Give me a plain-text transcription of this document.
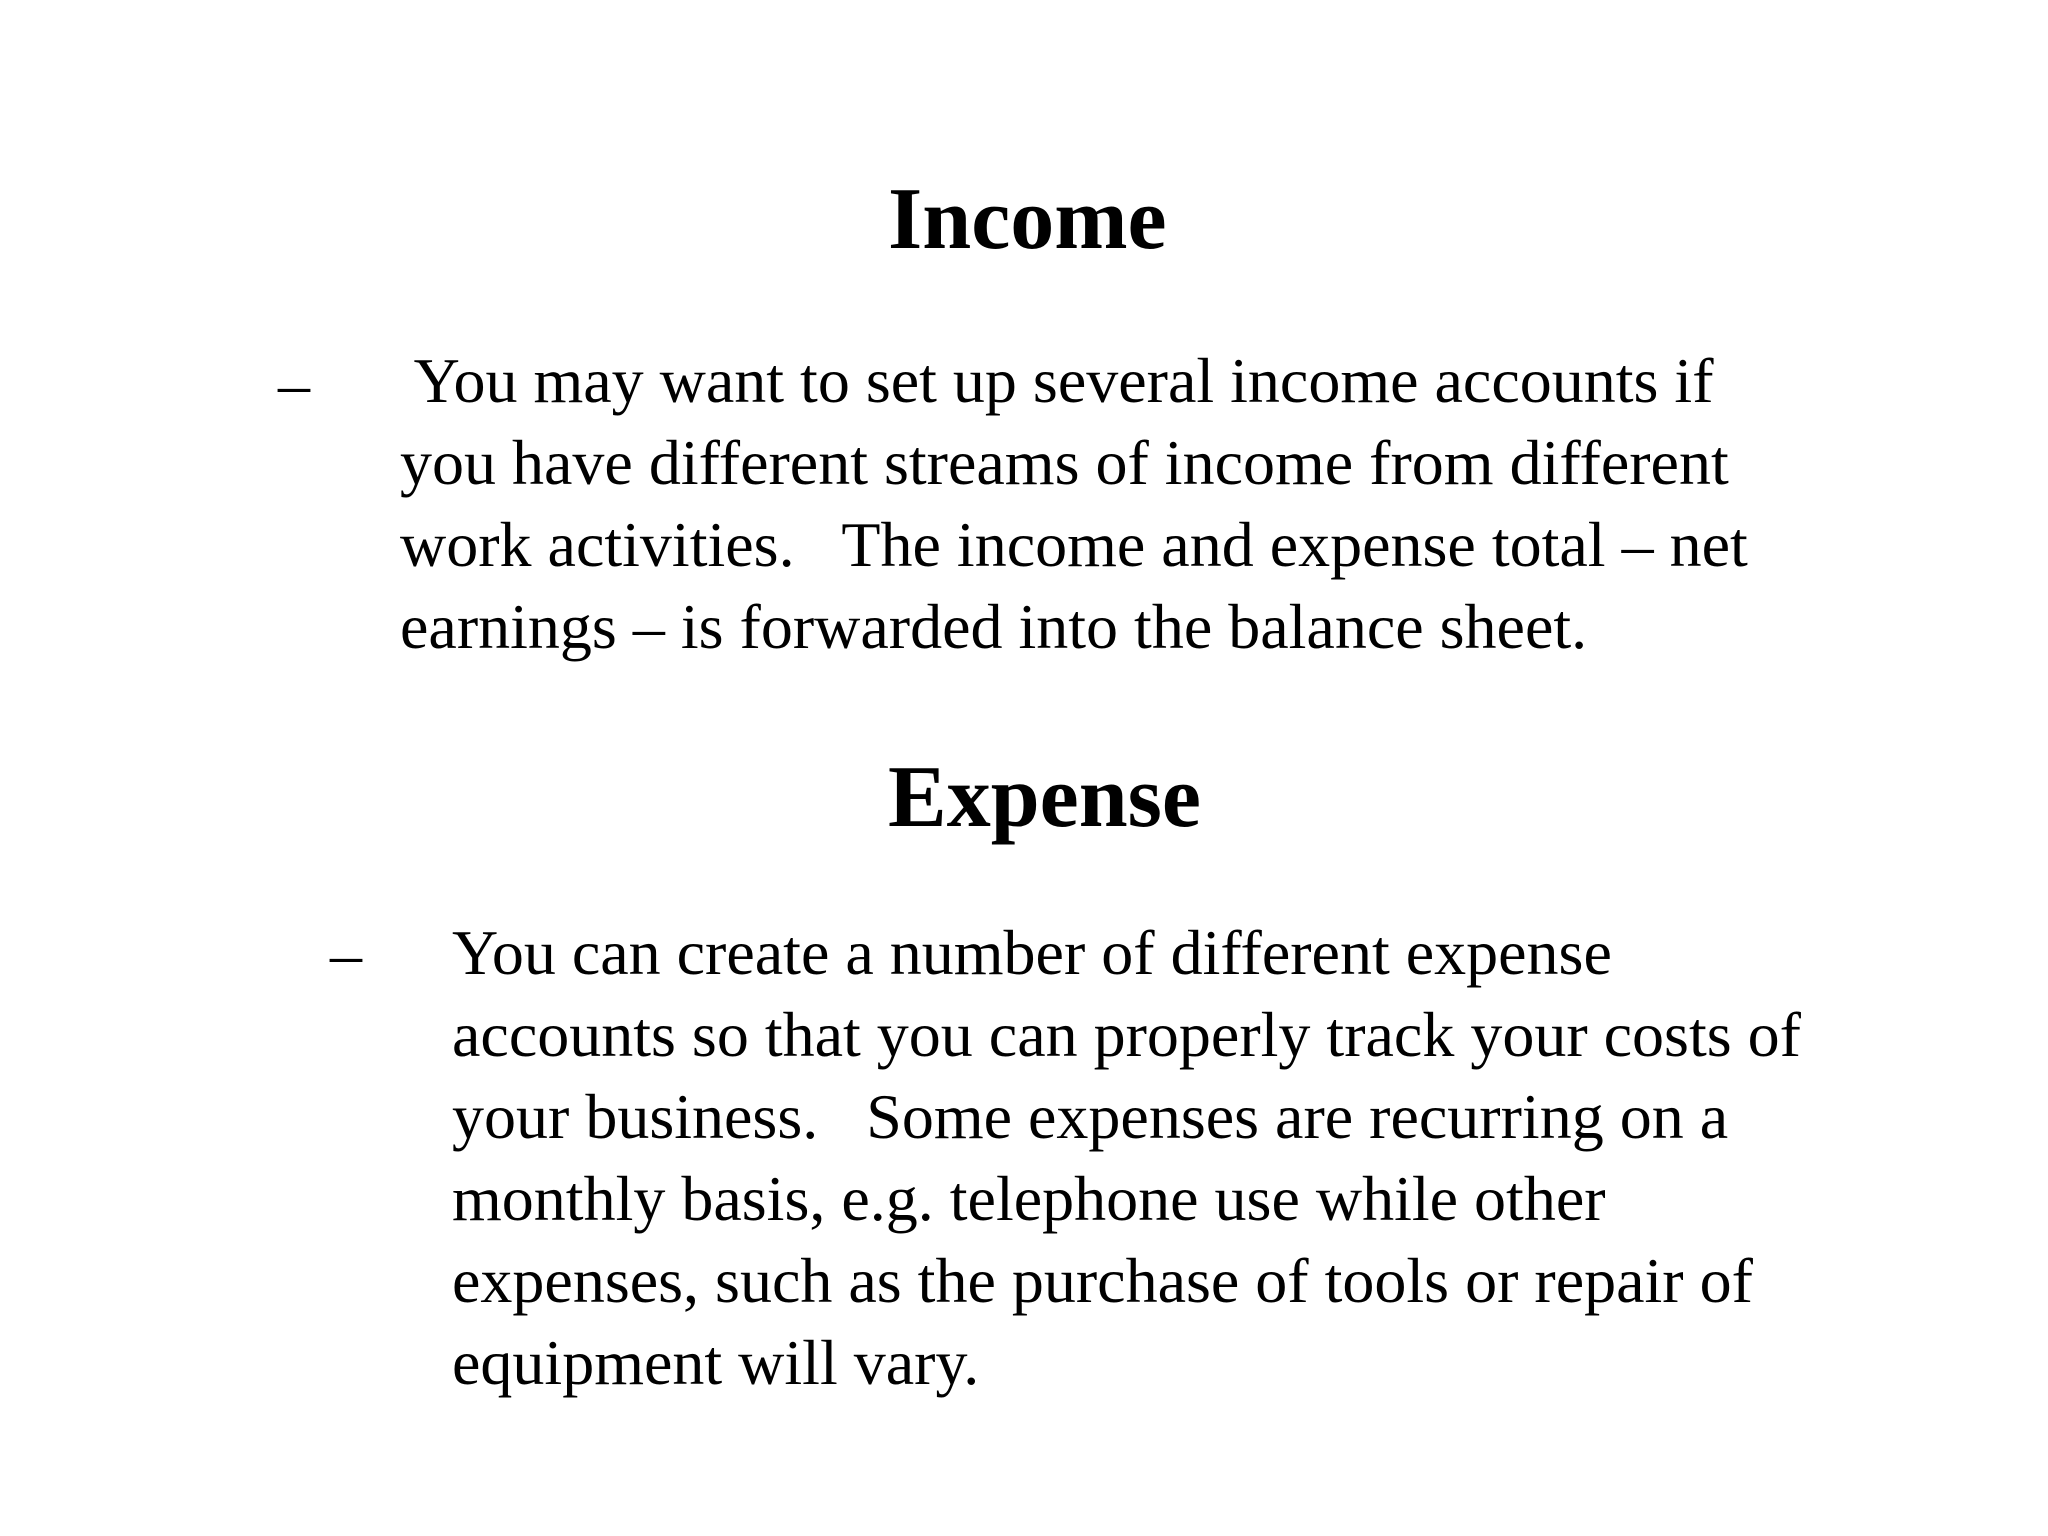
Income
– You may want to set up several income accounts if
you have different streams of income from different
work activities.   The income and expense total – net
earnings – is forwarded into the balance sheet.
Expense
– You can create a number of different expense
accounts so that you can properly track your costs of
your business.   Some expenses are recurring on a
monthly basis, e.g. telephone use while other
expenses, such as the purchase of tools or repair of
equipment will vary.
